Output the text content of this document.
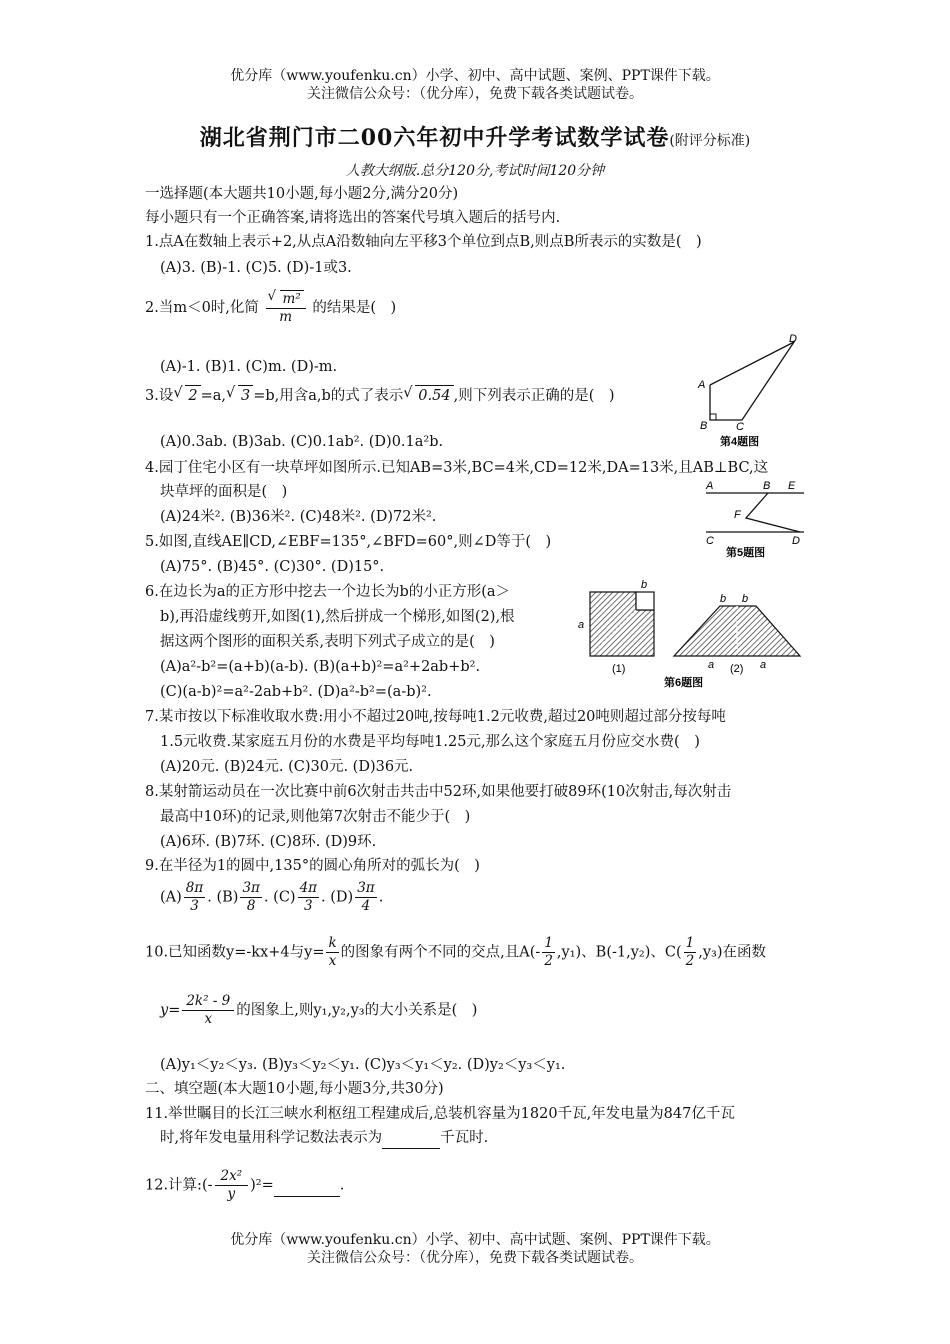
优分库（www.youfenku.cn）小学、初中、高中试题、案例、PPT课件下载。
关注微信公众号：（优分库），免费下载各类试题试卷。
湖北省荆门市二00六年初中升学考试数学试卷(附评分标准)
人教大纲版.总分120分,考试时间120分钟
一选择题(本大题共10小题,每小题2分,满分20分)
每小题只有一个正确答案,请将选出的答案代号填入题后的括号内.
1.点A在数轴上表示+2,从点A沿数轴向左平移3个单位到点B,则点B所表示的实数是(　)
(A)3. (B)-1. (C)5. (D)-1或3.
2.当m＜0时,化简 √ $\frac{\text{m²}}{m}$ 的结果是(　)
(A)-1. (B)1. (C)m. (D)-m.
3.设 √ 2 =a, √ 3 =b,用含a,b的式了表示 √ 0.54 ,则下列表示正确的是(　)
(A)0.3ab. (B)3ab. (C)0.1ab². (D)0.1a²b.
4.园丁住宅小区有一块草坪如图所示.已知AB=3米,BC=4米,CD=12米,DA=13米,且AB⊥BC,这
块草坪的面积是(　)
(A)24米². (B)36米². (C)48米². (D)72米².
5.如图,直线AE∥CD,∠EBF=135°,∠BFD=60°,则∠D等于(　)
(A)75°. (B)45°. (C)30°. (D)15°.
6.在边长为a的正方形中挖去一个边长为b的小正方形(a＞
b),再沿虚线剪开,如图(1),然后拼成一个梯形,如图(2),根
据这两个图形的面积关系,表明下列式子成立的是(　)
(A)a²-b²=(a+b)(a-b). (B)(a+b)²=a²+2ab+b².
(C)(a-b)²=a²-2ab+b². (D)a²-b²=(a-b)².
7.某市按以下标准收取水费:用小不超过20吨,按每吨1.2元收费,超过20吨则超过部分按每吨
1.5元收费.某家庭五月份的水费是平均每吨1.25元,那么这个家庭五月份应交水费(　)
(A)20元. (B)24元. (C)30元. (D)36元.
8.某射箭运动员在一次比赛中前6次射击共击中52环,如果他要打破89环(10次射击,每次射击
最高中10环)的记录,则他第7次射击不能少于(　)
(A)6环. (B)7环. (C)8环. (D)9环.
9.在半径为1的圆中,135°的圆心角所对的弧长为(　)
$(A) \frac{8\pi}{3}$ . $(B) \frac{3\pi}{8}$ . $(C) \frac{4\pi}{3}$ . $(D) \frac{3\pi}{4}$ .
10.已知函数y=-kx+4与$y= \frac{k}{x}$ 的图象有两个不同的交点,且$A(- \frac{1}{2} ,y_1)$、B(-1,y₂)、$C( \frac{1}{2} ,y_3)$在函数
$y= \frac{\text{2k² - 9}}{x}$ 的图象上,则y₁,y₂,y₃的大小关系是(　)
(A)y₁＜y₂＜y₃. (B)y₃＜y₂＜y₁. (C)y₃＜y₁＜y₂. (D)y₂＜y₃＜y₁.
二、填空题(本大题10小题,每小题3分,共30分)
11.举世瞩目的长江三峡水利枢纽工程建成后,总装机容量为1820千瓦,年发电量为847亿千瓦
时,将年发电量用科学记数法表示为	千瓦时.
12.计算:(- $\frac{\text{2x²}}{y} )^2=$	.
优分库（www.youfenku.cn）小学、初中、高中试题、案例、PPT课件下载。
关注微信公众号：（优分库），免费下载各类试题试卷。
A
B	C
D
第4题图
A	B E
F
C	D
第5题图
a
b
(1)
b b
a (2) a
第6题图
